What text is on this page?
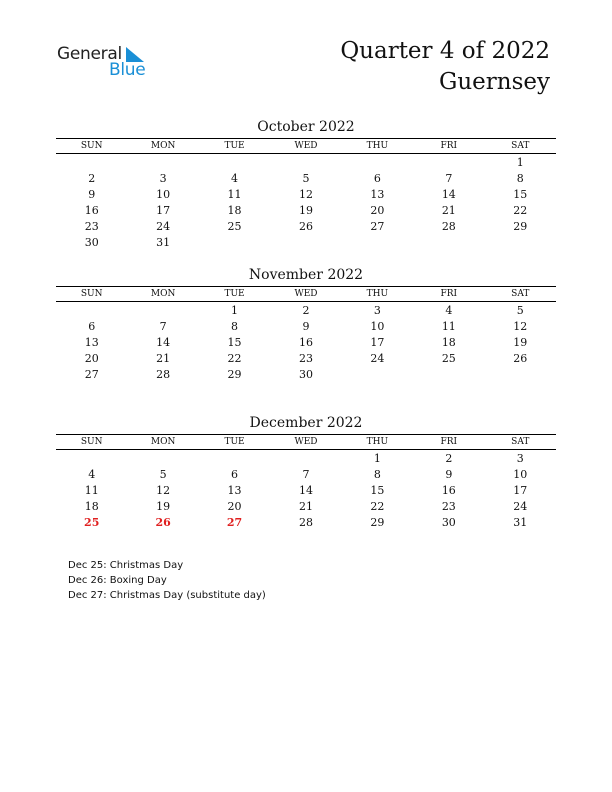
General
Blue
Quarter 4 of 2022
Guernsey
October 2022
SUN	MON	TUE	WED	THU	FRI	SAT
						1
2	3	4	5	6	7	8
9	10	11	12	13	14	15
16	17	18	19	20	21	22
23	24	25	26	27	28	29
30	31					
November 2022
SUN	MON	TUE	WED	THU	FRI	SAT
		1	2	3	4	5
6	7	8	9	10	11	12
13	14	15	16	17	18	19
20	21	22	23	24	25	26
27	28	29	30			
December 2022
SUN	MON	TUE	WED	THU	FRI	SAT
				1	2	3
4	5	6	7	8	9	10
11	12	13	14	15	16	17
18	19	20	21	22	23	24
25	26	27	28	29	30	31
Dec 25: Christmas Day
Dec 26: Boxing Day
Dec 27: Christmas Day (substitute day)
